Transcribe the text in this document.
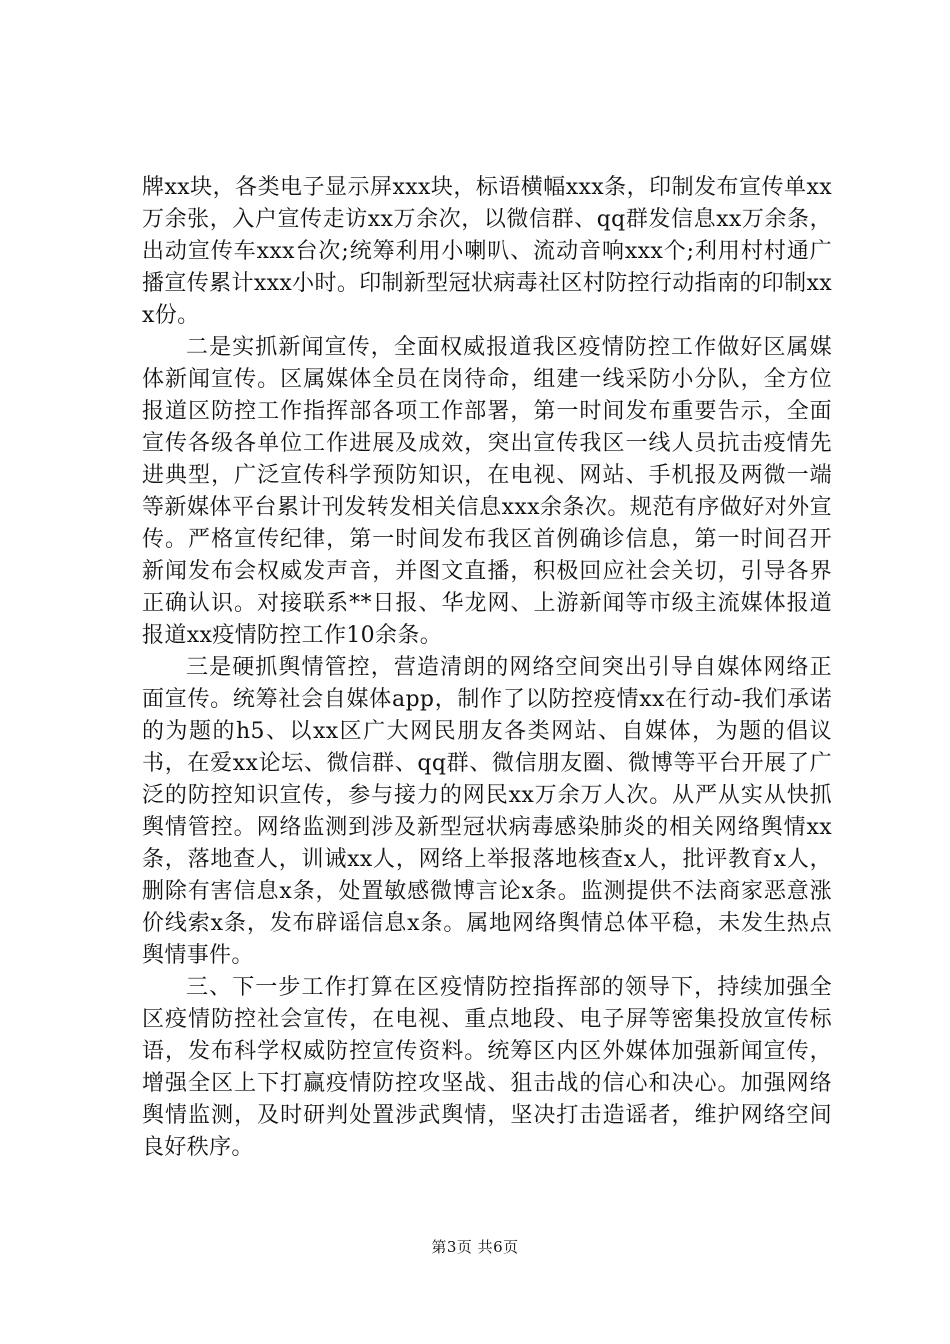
牌xx块，各类电子显示屏xxx块，标语横幅xxx条，印制发布宣传单xx万余张，入户宣传走访xx万余次，以微信群、qq群发信息xx万余条，出动宣传车xxx台次;统筹利用小喇叭、流动音响xxx个;利用村村通广播宣传累计xxx小时。印制新型冠状病毒社区村防控行动指南的印制xxx份。

二是实抓新闻宣传，全面权威报道我区疫情防控工作做好区属媒体新闻宣传。区属媒体全员在岗待命，组建一线采防小分队，全方位报道区防控工作指挥部各项工作部署，第一时间发布重要告示，全面宣传各级各单位工作进展及成效，突出宣传我区一线人员抗击疫情先进典型，广泛宣传科学预防知识，在电视、网站、手机报及两微一端等新媒体平台累计刊发转发相关信息xxx余条次。规范有序做好对外宣传。严格宣传纪律，第一时间发布我区首例确诊信息，第一时间召开新闻发布会权威发声音，并图文直播，积极回应社会关切，引导各界正确认识。对接联系**日报、华龙网、上游新闻等市级主流媒体报道报道xx疫情防控工作10余条。

三是硬抓舆情管控，营造清朗的网络空间突出引导自媒体网络正面宣传。统筹社会自媒体app，制作了以防控疫情xx在行动-我们承诺的为题的h5、以xx区广大网民朋友各类网站、自媒体，为题的倡议书，在爱xx论坛、微信群、qq群、微信朋友圈、微博等平台开展了广泛的防控知识宣传，参与接力的网民xx万余万人次。从严从实从快抓舆情管控。网络监测到涉及新型冠状病毒感染肺炎的相关网络舆情xx条，落地查人，训诫xx人，网络上举报落地核查x人，批评教育x人，删除有害信息x条，处置敏感微博言论x条。监测提供不法商家恶意涨价线索x条，发布辟谣信息x条。属地网络舆情总体平稳，未发生热点舆情事件。

三、下一步工作打算在区疫情防控指挥部的领导下，持续加强全区疫情防控社会宣传，在电视、重点地段、电子屏等密集投放宣传标语，发布科学权威防控宣传资料。统筹区内区外媒体加强新闻宣传，增强全区上下打赢疫情防控攻坚战、狙击战的信心和决心。加强网络舆情监测，及时研判处置涉武舆情，坚决打击造谣者，维护网络空间良好秩序。

第3页 共6页
